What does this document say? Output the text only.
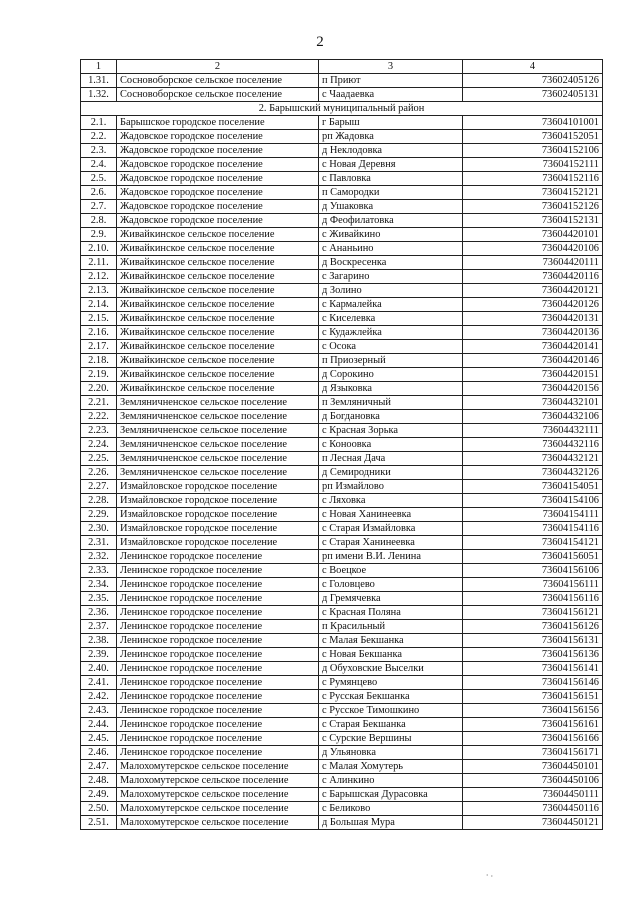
2
1	2	3	4
1.31.	Сосновоборское сельское поселение	п Приют	73602405126
1.32.	Сосновоборское сельское поселение	с Чаадаевка	73602405131
2. Барышский муниципальный район			
2.1.	Барышское городское поселение	г Барыш	73604101001
2.2.	Жадовское городское поселение	рп Жадовка	73604152051
2.3.	Жадовское городское поселение	д Неклодовка	73604152106
2.4.	Жадовское городское поселение	с Новая Деревня	73604152111
2.5.	Жадовское городское поселение	с Павловка	73604152116
2.6.	Жадовское городское поселение	п Самородки	73604152121
2.7.	Жадовское городское поселение	д Ушаковка	73604152126
2.8.	Жадовское городское поселение	д Феофилатовка	73604152131
2.9.	Живайкинское сельское поселение	с Живайкино	73604420101
2.10.	Живайкинское сельское поселение	с Ананьино	73604420106
2.11.	Живайкинское сельское поселение	д Воскресенка	73604420111
2.12.	Живайкинское сельское поселение	с Загарино	73604420116
2.13.	Живайкинское сельское поселение	д Золино	73604420121
2.14.	Живайкинское сельское поселение	с Кармалейка	73604420126
2.15.	Живайкинское сельское поселение	с Киселевка	73604420131
2.16.	Живайкинское сельское поселение	с Кудажлейка	73604420136
2.17.	Живайкинское сельское поселение	с Осока	73604420141
2.18.	Живайкинское сельское поселение	п Приозерный	73604420146
2.19.	Живайкинское сельское поселение	д Сорокино	73604420151
2.20.	Живайкинское сельское поселение	д Языковка	73604420156
2.21.	Земляничненское сельское поселение	п Земляничный	73604432101
2.22.	Земляничненское сельское поселение	д Богдановка	73604432106
2.23.	Земляничненское сельское поселение	с Красная Зорька	73604432111
2.24.	Земляничненское сельское поселение	с Коноовка	73604432116
2.25.	Земляничненское сельское поселение	п Лесная Дача	73604432121
2.26.	Земляничненское сельское поселение	д Семиродники	73604432126
2.27.	Измайловское городское поселение	рп Измайлово	73604154051
2.28.	Измайловское городское поселение	с Ляховка	73604154106
2.29.	Измайловское городское поселение	с Новая Ханинеевка	73604154111
2.30.	Измайловское городское поселение	с Старая Измайловка	73604154116
2.31.	Измайловское городское поселение	с Старая Ханинеевка	73604154121
2.32.	Ленинское городское поселение	рп имени В.И. Ленина	73604156051
2.33.	Ленинское городское поселение	с Воецкое	73604156106
2.34.	Ленинское городское поселение	с Головцево	73604156111
2.35.	Ленинское городское поселение	д Гремячевка	73604156116
2.36.	Ленинское городское поселение	с Красная Поляна	73604156121
2.37.	Ленинское городское поселение	п Красильный	73604156126
2.38.	Ленинское городское поселение	с Малая Бекшанка	73604156131
2.39.	Ленинское городское поселение	с Новая Бекшанка	73604156136
2.40.	Ленинское городское поселение	д Обуховские Выселки	73604156141
2.41.	Ленинское городское поселение	с Румянцево	73604156146
2.42.	Ленинское городское поселение	с Русская Бекшанка	73604156151
2.43.	Ленинское городское поселение	с Русское Тимошкино	73604156156
2.44.	Ленинское городское поселение	с Старая Бекшанка	73604156161
2.45.	Ленинское городское поселение	с Сурские Вершины	73604156166
2.46.	Ленинское городское поселение	д Ульяновка	73604156171
2.47.	Малохомутерское сельское поселение	с Малая Хомутерь	73604450101
2.48.	Малохомутерское сельское поселение	с Алинкино	73604450106
2.49.	Малохомутерское сельское поселение	с Барышская Дурасовка	73604450111
2.50.	Малохомутерское сельское поселение	с Беликово	73604450116
2.51.	Малохомутерское сельское поселение	д Большая Мура	73604450121
⸱ ⸳
